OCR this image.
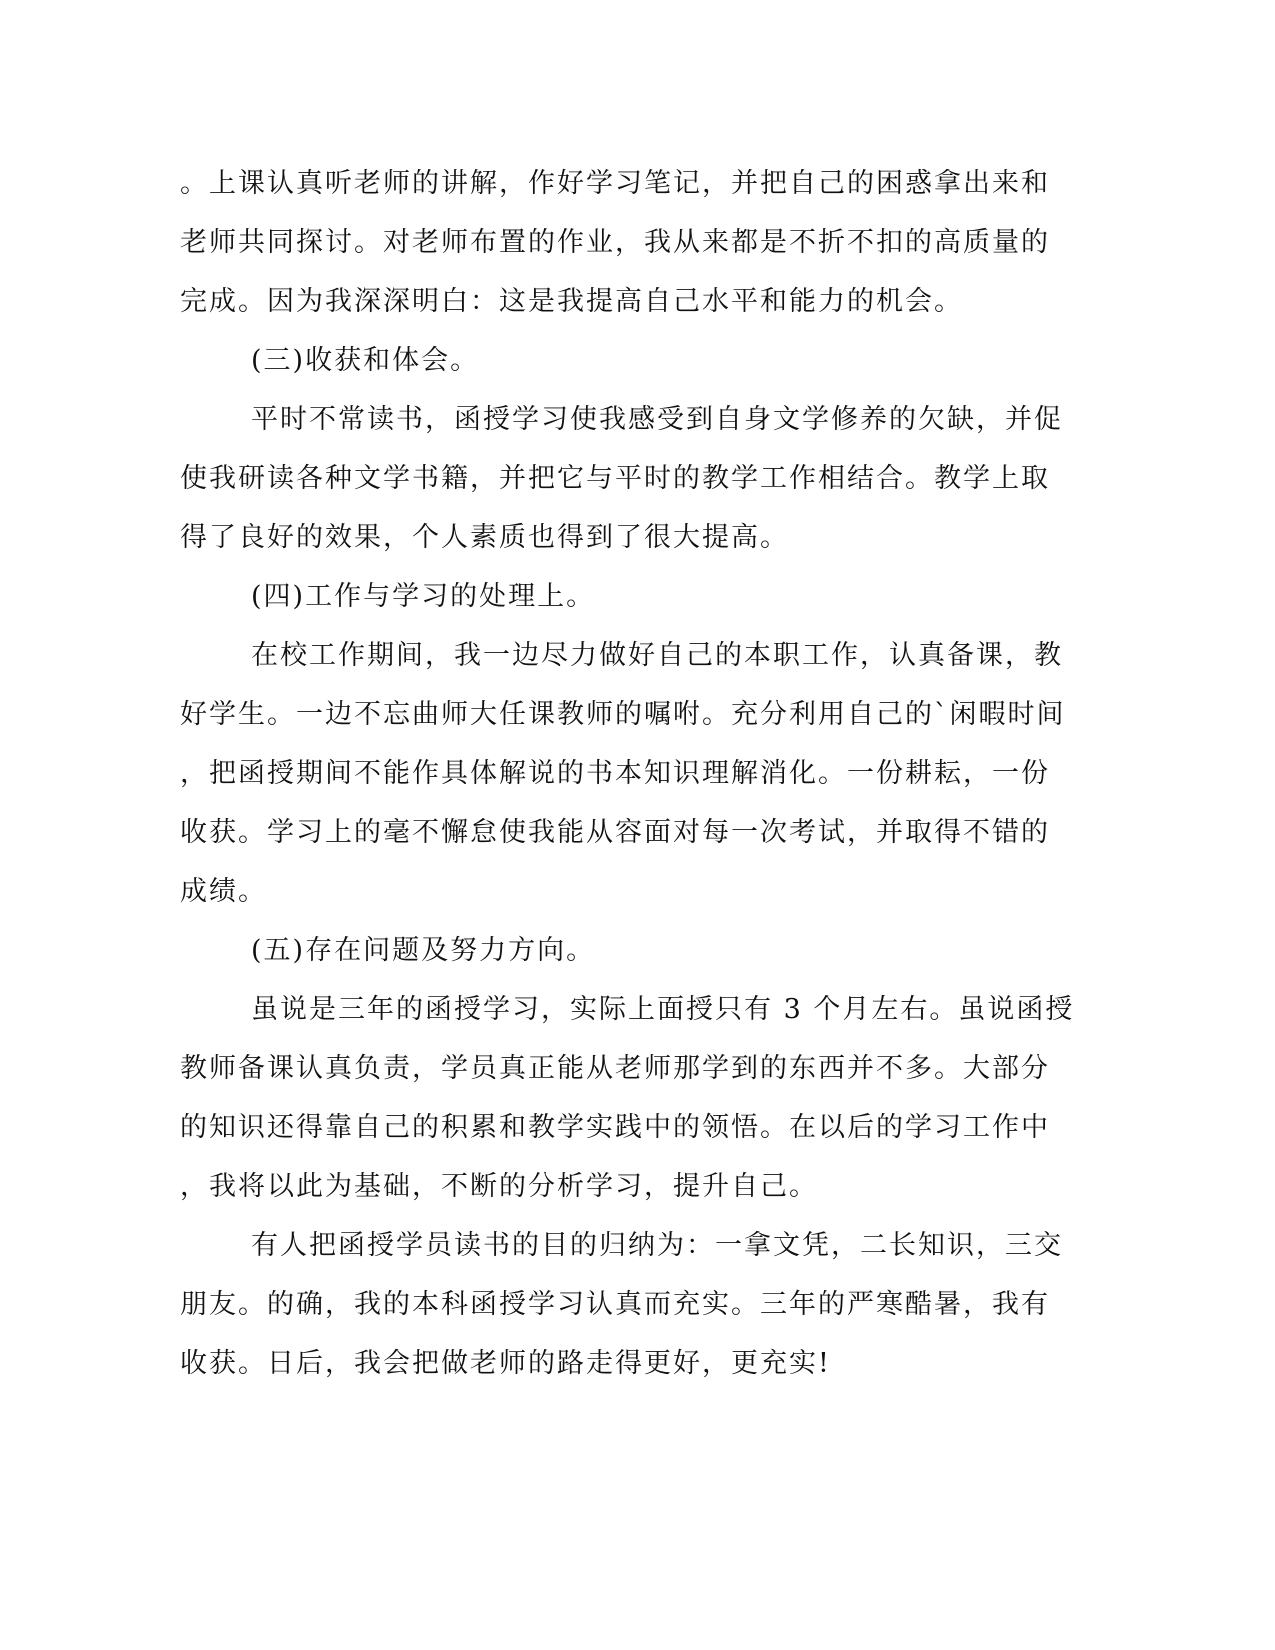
。上课认真听老师的讲解，作好学习笔记，并把自己的困惑拿出来和
老师共同探讨。对老师布置的作业，我从来都是不折不扣的高质量的
完成。因为我深深明白：这是我提高自己水平和能力的机会。
(三)收获和体会。
平时不常读书，函授学习使我感受到自身文学修养的欠缺，并促
使我研读各种文学书籍，并把它与平时的教学工作相结合。教学上取
得了良好的效果，个人素质也得到了很大提高。
(四)工作与学习的处理上。
在校工作期间，我一边尽力做好自己的本职工作，认真备课，教
好学生。一边不忘曲师大任课教师的嘱咐。充分利用自己的`闲暇时间
，把函授期间不能作具体解说的书本知识理解消化。一份耕耘，一份
收获。学习上的毫不懈怠使我能从容面对每一次考试，并取得不错的
成绩。
(五)存在问题及努力方向。
虽说是三年的函授学习，实际上面授只有 3 个月左右。虽说函授
教师备课认真负责，学员真正能从老师那学到的东西并不多。大部分
的知识还得靠自己的积累和教学实践中的领悟。在以后的学习工作中
，我将以此为基础，不断的分析学习，提升自己。
有人把函授学员读书的目的归纳为：一拿文凭，二长知识，三交
朋友。的确，我的本科函授学习认真而充实。三年的严寒酷暑，我有
收获。日后，我会把做老师的路走得更好，更充实!
